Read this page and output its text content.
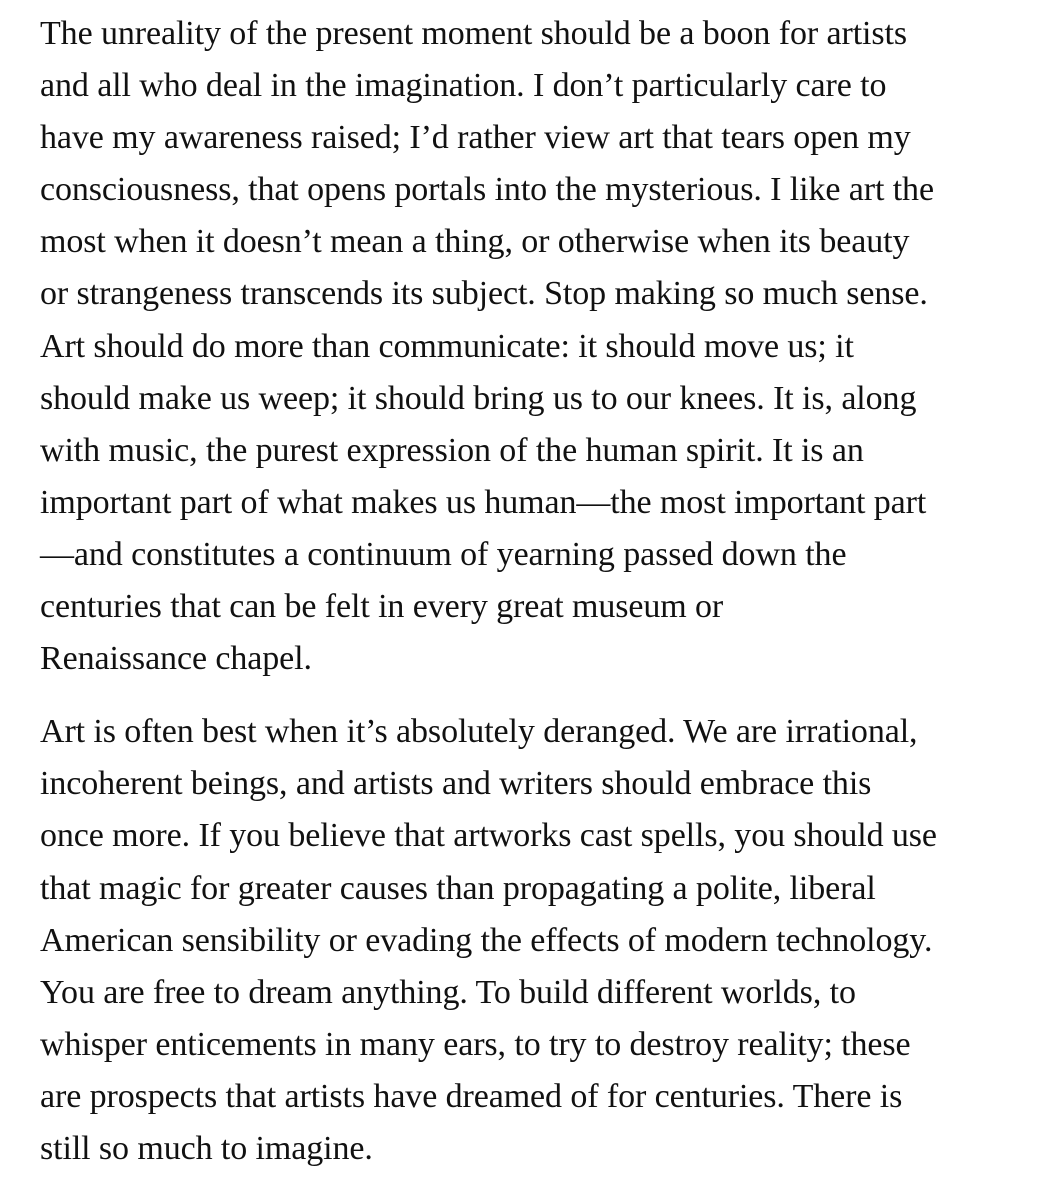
The unreality of the present moment should be a boon for artists
and all who deal in the imagination. I don’t particularly care to
have my awareness raised; I’d rather view art that tears open my
consciousness, that opens portals into the mysterious. I like art the
most when it doesn’t mean a thing, or otherwise when its beauty
or strangeness transcends its subject. Stop making so much sense.
Art should do more than communicate: it should move us; it
should make us weep; it should bring us to our knees. It is, along
with music, the purest expression of the human spirit. It is an
important part of what makes us human—the most important part
—and constitutes a continuum of yearning passed down the
centuries that can be felt in every great museum or
Renaissance chapel.

Art is often best when it’s absolutely deranged. We are irrational,
incoherent beings, and artists and writers should embrace this
once more. If you believe that artworks cast spells, you should use
that magic for greater causes than propagating a polite, liberal
American sensibility or evading the effects of modern technology.
You are free to dream anything. To build different worlds, to
whisper enticements in many ears, to try to destroy reality; these
are prospects that artists have dreamed of for centuries. There is
still so much to imagine.
